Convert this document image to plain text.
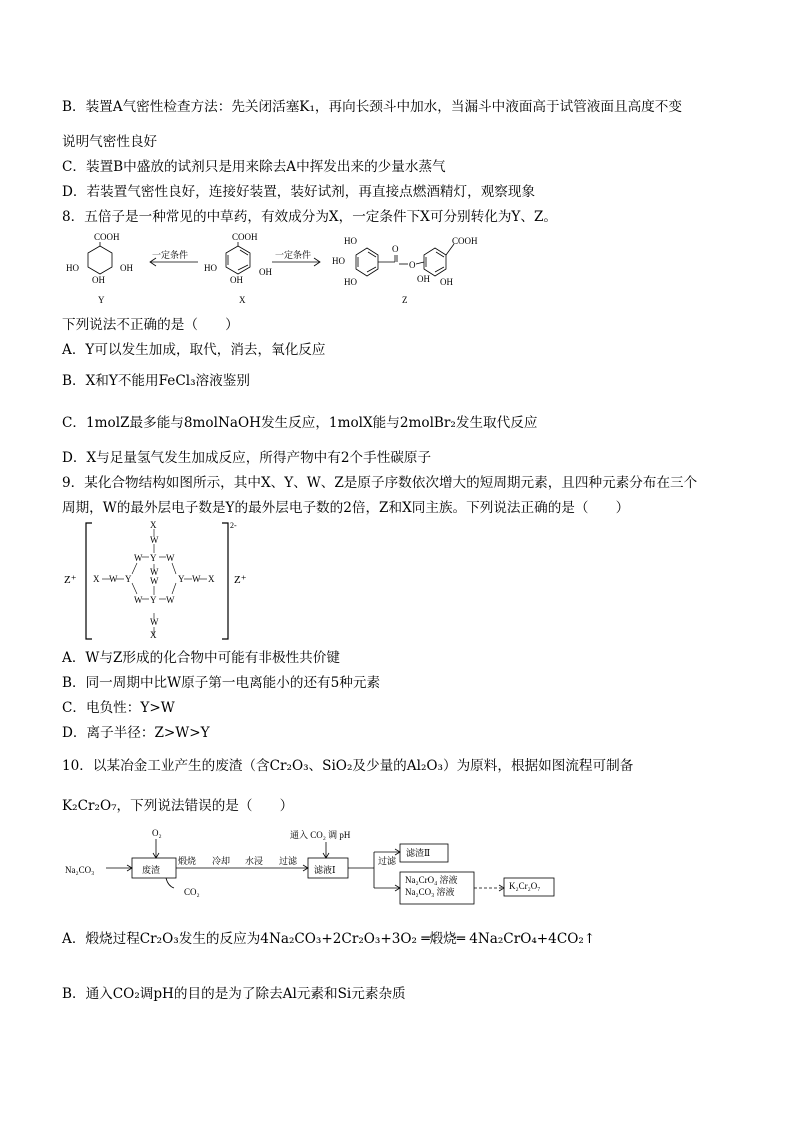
B．装置A气密性检查方法：先关闭活塞K₁，再向长颈斗中加水，当漏斗中液面高于试管液面且高度不变
说明气密性良好
C．装置B中盛放的试剂只是用来除去A中挥发出来的少量水蒸气
D．若装置气密性良好，连接好装置，装好试剂，再直接点燃酒精灯，观察现象
8．五倍子是一种常见的中草药，有效成分为X，一定条件下X可分别转化为Y、Z。
COOH
HO	OH
OH
Y
COOH
HO	OH
OH
X
HO
HO
HO
O
O
COOH
OH OH
Z
一定条件	一定条件
下列说法不正确的是（　　）
A．Y可以发生加成，取代，消去，氧化反应
B．X和Y不能用FeCl₃溶液鉴别
C．1molZ最多能与8molNaOH发生反应，1molX能与2molBr₂发生取代反应
D．X与足量氢气发生加成反应，所得产物中有2个手性碳原子
9．某化合物结构如图所示，其中X、Y、W、Z是原子序数依次增大的短周期元素，且四种元素分布在三个
周期，W的最外层电子数是Y的最外层电子数的2倍，Z和X同主族。下列说法正确的是（　　）
X
W
W Y W
X W Y
W
W Y W X
W Y W
W
X
Z⁺	Z⁺
2-
A．W与Z形成的化合物中可能有非极性共价键
B．同一周期中比W原子第一电离能小的还有5种元素
C．电负性：Y>W
D．离子半径：Z>W>Y
10．以某冶金工业产生的废渣（含Cr₂O₃、SiO₂及少量的Al₂O₃）为原料，根据如图流程可制备
K₂Cr₂O₇，下列说法错误的是（　　）
O₂
Na₂CO₃	废渣
CO₂
煅烧 冷却 水浸 过滤
通入 CO₂ 调 pH
滤液Ⅰ
过滤
滤渣Ⅱ
Na₂CrO₄ 溶液
Na₂CO₃ 溶液
K₂Cr₂O₇
A．煅烧过程Cr₂O₃发生的反应为4Na₂CO₃+2Cr₂O₃+3O₂ ═煅烧═ 4Na₂CrO₄+4CO₂↑
B．通入CO₂调pH的目的是为了除去Al元素和Si元素杂质
